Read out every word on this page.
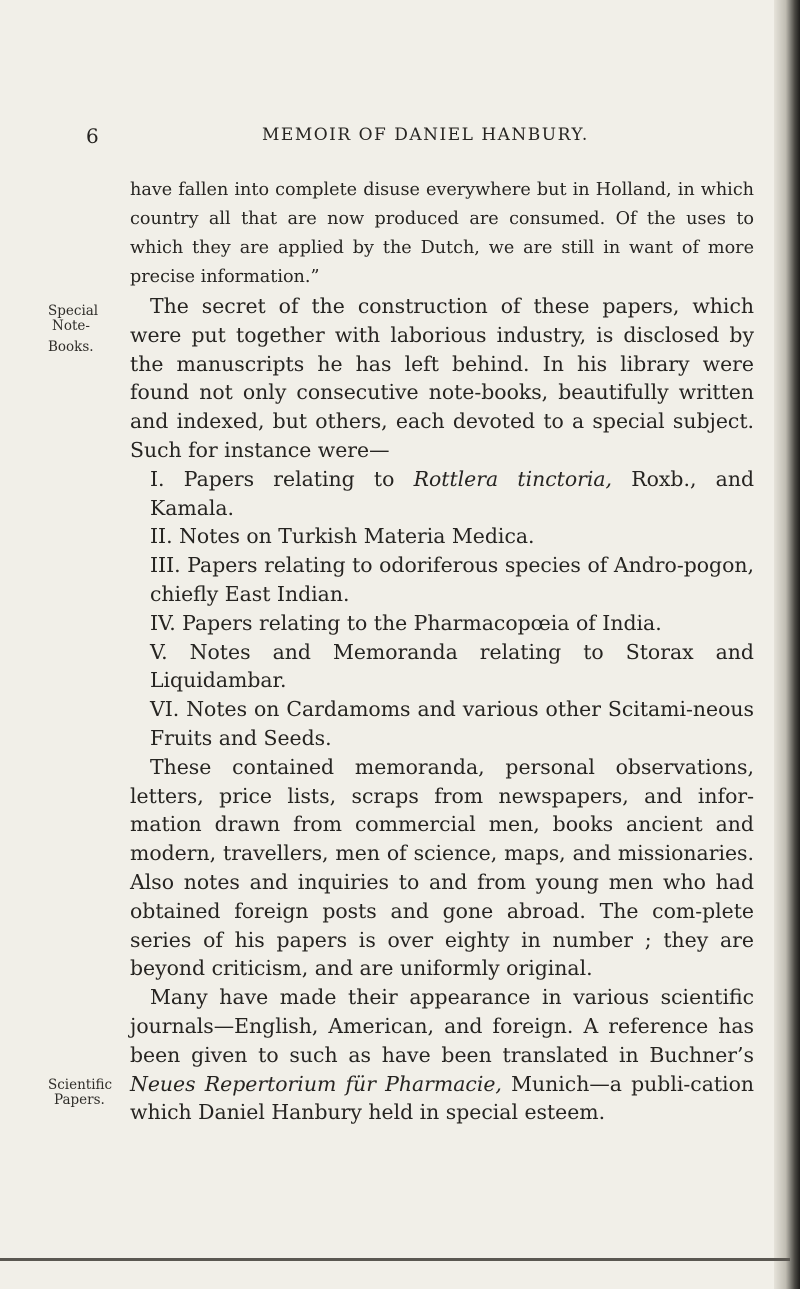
6	MEMOIR OF DANIEL HANBURY.
Special
Note-
Books.
Scientific
Papers.

have fallen into complete disuse everywhere but in Holland, in which country all that are now produced are consumed. Of the uses to which they are applied by the Dutch, we are still in want of more precise information.”

The secret of the construction of these papers, which were put together with laborious industry, is disclosed by the manuscripts he has left behind. In his library were found not only consecutive note-books, beautifully written and indexed, but others, each devoted to a special subject. Such for instance were—

I. Papers relating to Rottlera tinctoria, Roxb., and Kamala.

II. Notes on Turkish Materia Medica.

III. Papers relating to odoriferous species of Andro-pogon, chiefly East Indian.

IV. Papers relating to the Pharmacopœia of India.

V. Notes and Memoranda relating to Storax and Liquidambar.

VI. Notes on Cardamoms and various other Scitami-neous Fruits and Seeds.

These contained memoranda, personal observations, letters, price lists, scraps from newspapers, and infor-mation drawn from commercial men, books ancient and modern, travellers, men of science, maps, and missionaries. Also notes and inquiries to and from young men who had obtained foreign posts and gone abroad. The com-plete series of his papers is over eighty in number ; they are beyond criticism, and are uniformly original.

Many have made their appearance in various scientific journals—English, American, and foreign. A reference has been given to such as have been translated in Buchner’s Neues Repertorium für Pharmacie, Munich—a publi-cation which Daniel Hanbury held in special esteem.
